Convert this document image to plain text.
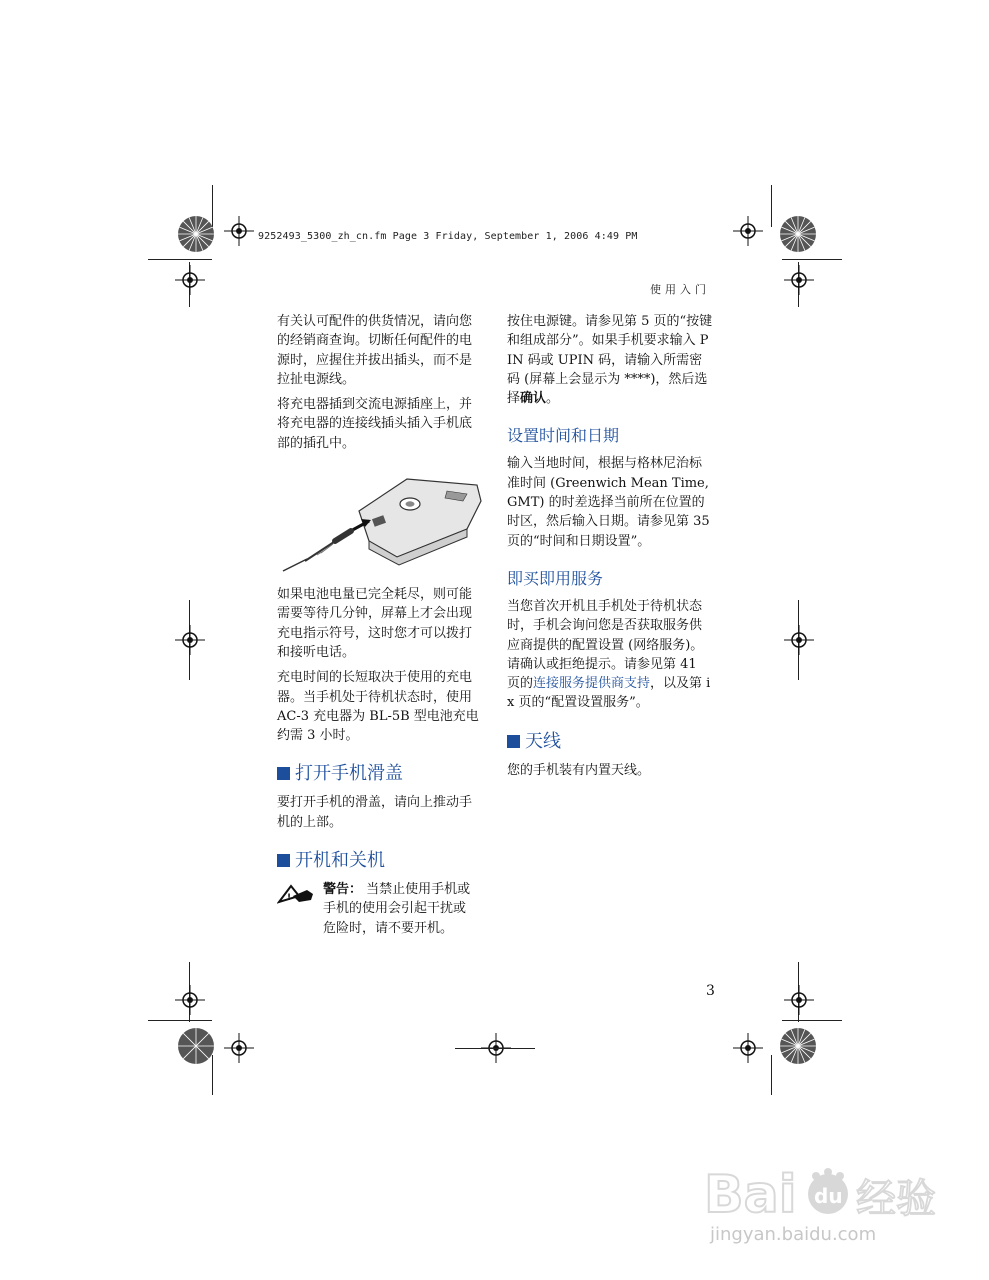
9252493_5300_zh_cn.fm Page 3 Friday, September 1, 2006 4:49 PM
使用入门

有关认可配件的供货情况，请向您的经销商查询。切断任何配件的电源时，应握住并拔出插头，而不是拉扯电源线。

将充电器插到交流电源插座上，并将充电器的连接线插头插入手机底部的插孔中。

如果电池电量已完全耗尽，则可能需要等待几分钟，屏幕上才会出现充电指示符号，这时您才可以拨打和接听电话。

充电时间的长短取决于使用的充电器。当手机处于待机状态时，使用 AC-3 充电器为 BL-5B 型电池充电约需 3 小时。

打开手机滑盖

要打开手机的滑盖，请向上推动手机的上部。

开机和关机
!
警告： 当禁止使用手机或手机的使用会引起干扰或危险时，请不要开机。

按住电源键。请参见第 5 页的“按键和组成部分”。如果手机要求输入 PIN 码或 UPIN 码，请输入所需密码 (屏幕上会显示为 ****)，然后选择确认。

设置时间和日期

输入当地时间，根据与格林尼治标准时间 (Greenwich Mean Time, GMT) 的时差选择当前所在位置的时区，然后输入日期。请参见第 35 页的“时间和日期设置”。

即买即用服务

当您首次开机且手机处于待机状态时，手机会询问您是否获取服务供应商提供的配置设置 (网络服务)。请确认或拒绝提示。请参见第 41 页的连接服务提供商支持，以及第 ix 页的“配置设置服务”。

天线

您的手机装有内置天线。

3
Bai du 经验
jingyan.baidu.com
